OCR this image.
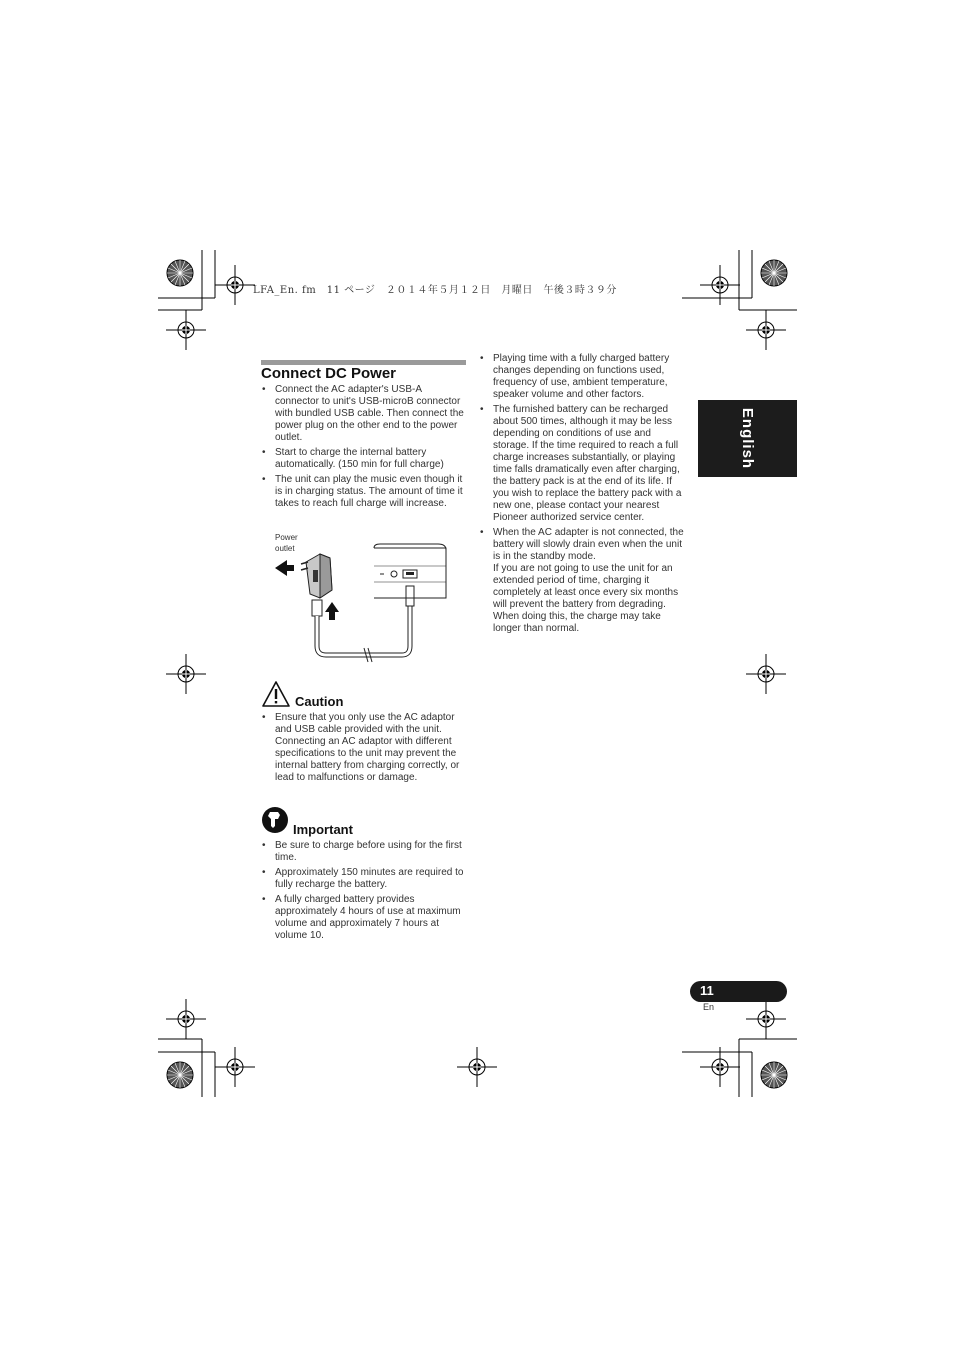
LFA_En. fm　11 ページ　２０１４年５月１２日　月曜日　午後３時３９分
Connect DC Power
• Connect the AC adapter's USB-A connector to unit's USB-microB connector with bundled USB cable. Then connect the power plug on the other end to the power outlet.
• Start to charge the internal battery automatically. (150 min for full charge)
• The unit can play the music even though it is in charging status. The amount of time it takes to reach full charge will increase.
Power
outlet
Caution
• Ensure that you only use the AC adaptor and USB cable provided with the unit. Connecting an AC adaptor with different specifications to the unit may prevent the internal battery from charging correctly, or lead to malfunctions or damage.
Important
• Be sure to charge before using for the first time.
• Approximately 150 minutes are required to fully recharge the battery.
• A fully charged battery provides approximately 4 hours of use at maximum volume and approximately 7 hours at volume 10.
• Playing time with a fully charged battery changes depending on functions used, frequency of use, ambient temperature, speaker volume and other factors.
• The furnished battery can be recharged about 500 times, although it may be less depending on conditions of use and storage. If the time required to reach a full charge increases substantially, or playing time falls dramatically even after charging, the battery pack is at the end of its life. If you wish to replace the battery pack with a new one, please contact your nearest Pioneer authorized service center.
• When the AC adapter is not connected, the battery will slowly drain even when the unit is in the standby mode.
If you are not going to use the unit for an extended period of time, charging it completely at least once every six months will prevent the battery from degrading. When doing this, the charge may take longer than normal.
English
11
En
